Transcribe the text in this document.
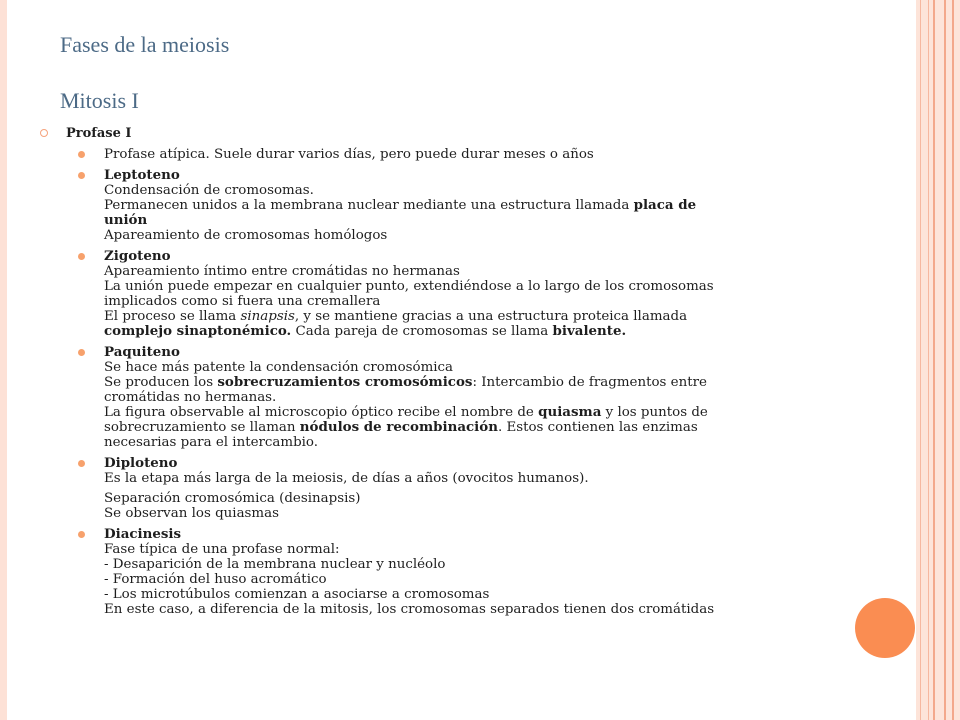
Fases de la meiosis
Mitosis I
Profase I
Profase atípica. Suele durar varios días, pero puede durar meses o años
Leptoteno
Condensación de cromosomas.
Permanecen unidos a la membrana nuclear mediante una estructura llamada placa de
unión
Apareamiento de cromosomas homólogos
Zigoteno
Apareamiento íntimo entre cromátidas no hermanas
La unión puede empezar en cualquier punto, extendiéndose a lo largo de los cromosomas
implicados como si fuera una cremallera
El proceso se llama sinapsis, y se mantiene gracias a una estructura proteica llamada
complejo sinaptonémico. Cada pareja de cromosomas se llama bivalente.
Paquiteno
Se hace más patente la condensación cromosómica
Se producen los sobrecruzamientos cromosómicos: Intercambio de fragmentos entre
cromátidas no hermanas.
La figura observable al microscopio óptico recibe el nombre de quiasma y los puntos de
sobrecruzamiento se llaman nódulos de recombinación. Estos contienen las enzimas
necesarias para el intercambio.
Diploteno
Es la etapa más larga de la meiosis, de días a años (ovocitos humanos).
Separación cromosómica (desinapsis)
Se observan los quiasmas
Diacinesis
Fase típica de una profase normal:
- Desaparición de la membrana nuclear y nucléolo
- Formación del huso acromático
- Los microtúbulos comienzan a asociarse a cromosomas
En este caso, a diferencia de la mitosis, los cromosomas separados tienen dos cromátidas
